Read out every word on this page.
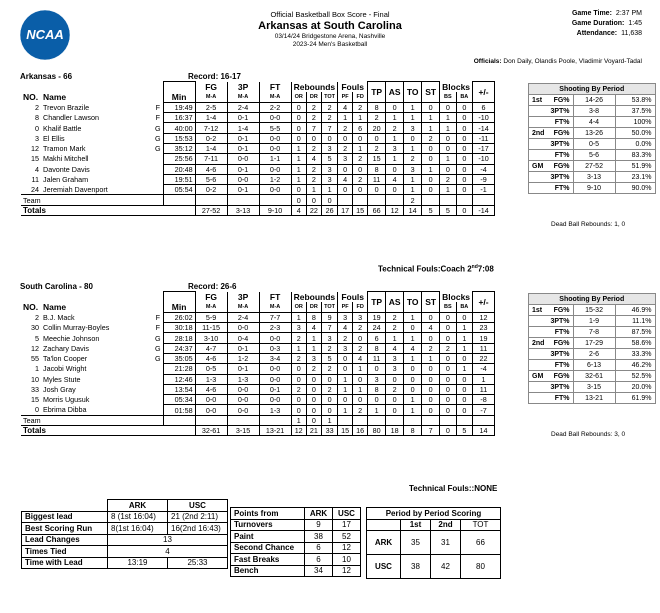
NCAA
Official Basketball Box Score - Final
Arkansas at South Carolina
03/14/24 Bridgestone Arena, Nashville
2023-24 Men's Basketball
Game Time: 2:37 PM
Game Duration: 1:45
Attendance: 11,638
Officials: Don Daily, Olandis Poole, Vladimir Voyard-Tadal
Arkansas - 66	Record: 16-17
				FG	3P	FT	Rebounds			Fouls		TP	AS	TO	ST	Blocks		+/-
NO.	Name		Min	M-A	M-A	M-A	OR	DR	TOT	PF	FD					BS	BA	
2	Trevon Brazile	F	19:49	2-5	2-4	2-2	0	2	2	4	2	8	0	1	0	0	0	6
8	Chandler Lawson	F	16:37	1-4	0-1	0-0	0	2	2	1	1	2	1	1	1	1	0	-10
0	Khalif Battle	G	40:00	7-12	1-4	5-5	0	7	7	2	6	20	2	3	1	1	0	-14
3	El Ellis	G	15:53	0-2	0-1	0-0	0	0	0	0	0	0	1	0	2	0	0	-11
12	Tramon Mark	G	35:12	1-4	0-1	0-0	1	2	3	2	1	2	3	1	0	0	0	-17
15	Makhi Mitchell		25:56	7-11	0-0	1-1	1	4	5	3	2	15	1	2	0	1	0	-10
4	Davonte Davis		20:48	4-6	0-1	0-0	1	2	3	0	0	8	0	3	1	0	0	-4
11	Jalen Graham		19:51	5-6	0-0	1-2	1	2	3	4	2	11	4	1	0	2	0	-9
24	Jeremiah Davenport		05:54	0-2	0-1	0-0	0	1	1	0	0	0	0	1	0	1	0	-1
Team							0	0	0					2				
Totals				27-52	3-13	9-10	4	22	26	17	15	66	12	14	5	5	0	-14
Technical Fouls:Coach 2nd7:08
Shooting By Period			
1st	FG%	14-26	53.8%
	3PT%	3-8	37.5%
	FT%	4-4	100%
2nd	FG%	13-26	50.0%
	3PT%	0-5	0.0%
	FT%	5-6	83.3%
GM	FG%	27-52	51.9%
	3PT%	3-13	23.1%
	FT%	9-10	90.0%
Dead Ball Rebounds: 1, 0
South Carolina - 80	Record: 26-6
				FG	3P	FT	Rebounds			Fouls		TP	AS	TO	ST	Blocks		+/-
NO.	Name		Min	M-A	M-A	M-A	OR	DR	TOT	PF	FD					BS	BA	
2	B.J. Mack	F	26:02	5-9	2-4	7-7	1	8	9	3	3	19	2	1	0	0	0	12
30	Collin Murray-Boyles	F	30:18	11-15	0-0	2-3	3	4	7	4	2	24	2	0	4	0	1	23
5	Meechie Johnson	G	28:18	3-10	0-4	0-0	2	1	3	2	0	6	1	1	0	0	1	19
12	Zachary Davis	G	24:37	4-7	0-1	0-3	1	1	2	3	2	8	4	4	2	2	1	11
55	Ta'lon Cooper	G	35:05	4-6	1-2	3-4	2	3	5	0	4	11	3	1	1	0	0	22
1	Jacobi Wright		21:28	0-5	0-1	0-0	0	2	2	0	1	0	3	0	0	0	1	-4
10	Myles Stute		12:46	1-3	1-3	0-0	0	0	0	1	0	3	0	0	0	0	0	1
33	Josh Gray		13:54	4-6	0-0	0-1	2	0	2	1	1	8	2	0	0	0	0	11
15	Morris Ugusuk		05:34	0-0	0-0	0-0	0	0	0	0	0	0	0	1	0	0	0	-8
0	Ebrima Dibba		01:58	0-0	0-0	1-3	0	0	0	1	2	1	0	1	0	0	0	-7
Team							1	0	1									
Totals				32-61	3-15	13-21	12	21	33	15	16	80	18	8	7	0	5	14
Technical Fouls::NONE
Shooting By Period			
1st	FG%	15-32	46.9%
	3PT%	1-9	11.1%
	FT%	7-8	87.5%
2nd	FG%	17-29	58.6%
	3PT%	2-6	33.3%
	FT%	6-13	46.2%
GM	FG%	32-61	52.5%
	3PT%	3-15	20.0%
	FT%	13-21	61.9%
Dead Ball Rebounds: 3, 0
	ARK	USC
Biggest lead	8 (1st 16:04)	21 (2nd 2:11)
Best Scoring Run	8(1st 16:04)	16(2nd 16:43)
Lead Changes	13	
Times Tied	4	
Time with Lead	13:19	25:33
Points from	ARK	USC
Turnovers	9	17
Paint	38	52
Second Chance	6	12
Fast Breaks	6	10
Bench	34	12
Period by Period Scoring			
	1st	2nd	TOT
ARK	35	31	66
USC	38	42	80
